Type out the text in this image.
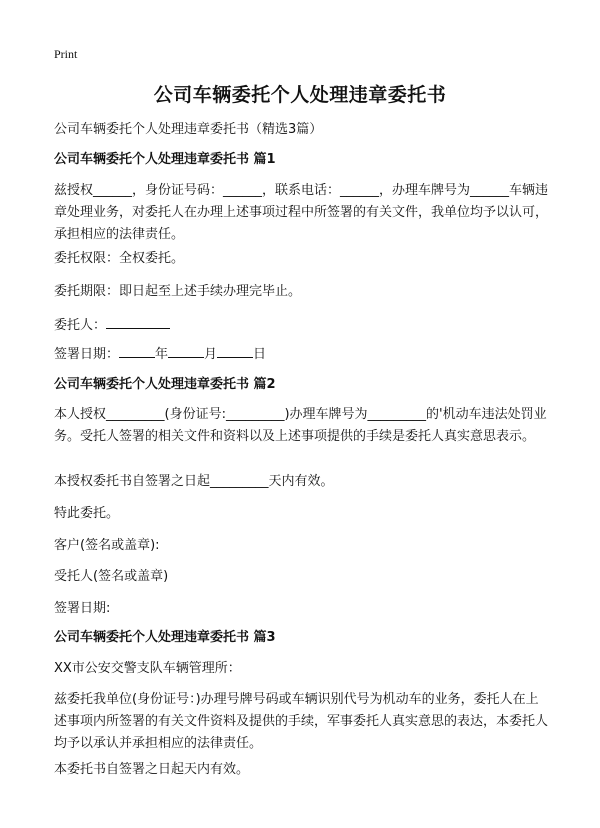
Print
公司车辆委托个人处理违章委托书
公司车辆委托个人处理违章委托书（精选3篇）
公司车辆委托个人处理违章委托书 篇1
兹授权______，身份证号码：______，联系电话：______，办理车牌号为______车辆违章处理业务，对委托人在办理上述事项过程中所签署的有关文件，我单位均予以认可，承担相应的法律责任。
委托权限：全权委托。
委托期限：即日起至上述手续办理完毕止。
委托人：
签署日期：	年	月	日
公司车辆委托个人处理违章委托书 篇2
本人授权_________(身份证号:_________)办理车牌号为_________的'机动车违法处罚业务。受托人签署的相关文件和资料以及上述事项提供的手续是委托人真实意思表示。
本授权委托书自签署之日起_________天内有效。
特此委托。
客户(签名或盖章):
受托人(签名或盖章)
签署日期:
公司车辆委托个人处理违章委托书 篇3
XX市公安交警支队车辆管理所：
兹委托我单位(身份证号：)办理号牌号码或车辆识别代号为机动车的业务，委托人在上述事项内所签署的有关文件资料及提供的手续，军事委托人真实意思的表达，本委托人均予以承认并承担相应的法律责任。
本委托书自签署之日起天内有效。
